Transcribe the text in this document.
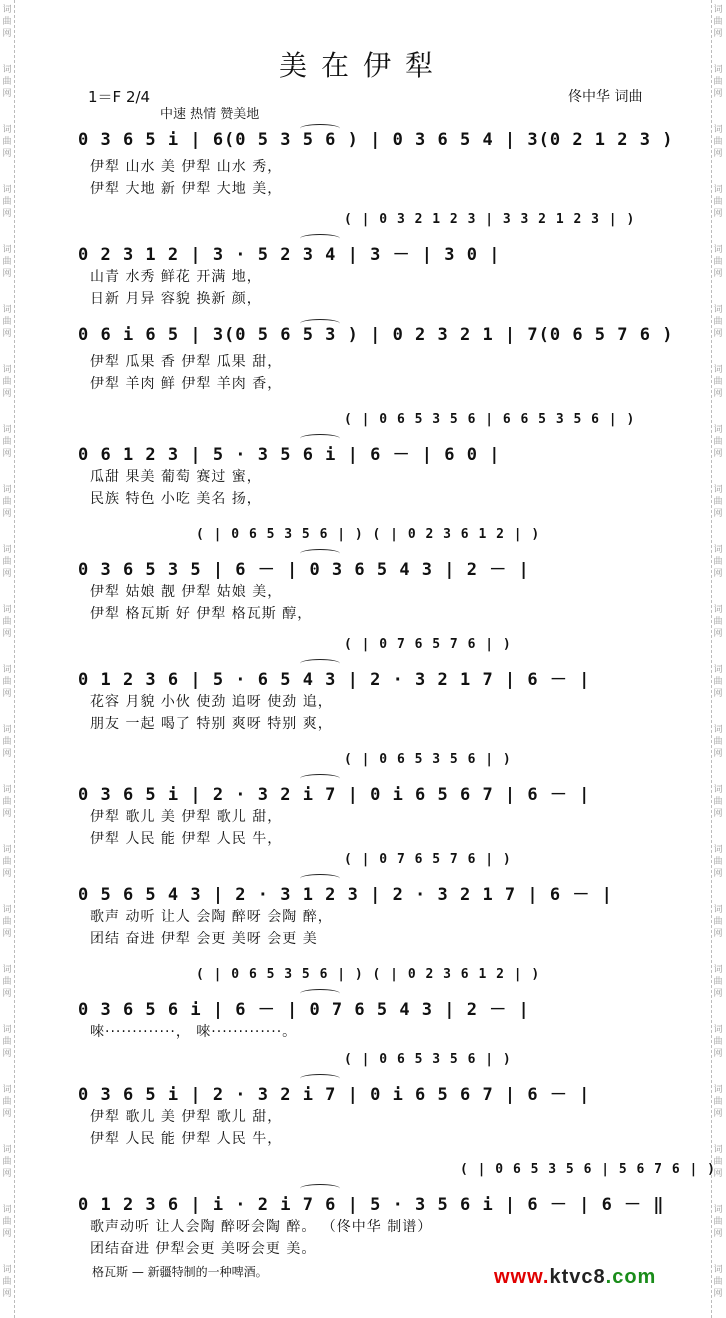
词曲网
词曲网
词曲网
词曲网
词曲网
词曲网
词曲网
词曲网
词曲网
词曲网
词曲网
词曲网
词曲网
词曲网
词曲网
词曲网
词曲网
词曲网
词曲网
词曲网
词曲网
词曲网
词曲网
词曲网
词曲网
词曲网
词曲网
词曲网
词曲网
词曲网
词曲网
词曲网
词曲网
词曲网
词曲网
词曲网
词曲网
词曲网
词曲网
词曲网
词曲网
词曲网
词曲网
词曲网
美在伊犁
1＝F 2/4	佟中华 词曲
中速 热情 赞美地
0 3 6 5 i | 6(0 5 3 5 6 ) | 0 3 6 5 4 | 3(0 2 1 2 3 )
伊犁 山水 美 伊犁 山水 秀，
伊犁 大地 新 伊犁 大地 美，
( | 0 3 2 1 2 3 | 3 3 2 1 2 3 | )
0 2 3 1 2 | 3 · 5 2 3 4 | 3 － | 3 0 |
山青 水秀 鲜花 开满 地，
日新 月异 容貌 换新 颜，
0 6 i 6 5 | 3(0 5 6 5 3 ) | 0 2 3 2 1 | 7(0 6 5 7 6 )
伊犁 瓜果 香 伊犁 瓜果 甜，
伊犁 羊肉 鲜 伊犁 羊肉 香，
( | 0 6 5 3 5 6 | 6 6 5 3 5 6 | )
0 6 1 2 3 | 5 · 3 5 6 i | 6 － | 6 0 |
瓜甜 果美 葡萄 赛过 蜜，
民族 特色 小吃 美名 扬，
( | 0 6 5 3 5 6 | ) ( | 0 2 3 6 1 2 | )
0 3 6 5 3 5 | 6 － | 0 3 6 5 4 3 | 2 － |
伊犁 姑娘 靓 伊犁 姑娘 美，
伊犁 格瓦斯 好 伊犁 格瓦斯 醇，
( | 0 7 6 5 7 6 | )
0 1 2 3 6 | 5 · 6 5 4 3 | 2 · 3 2 1 7 | 6 － |
花容 月貌 小伙 使劲 追呀 使劲 追，
朋友 一起 喝了 特别 爽呀 特别 爽，
( | 0 6 5 3 5 6 | )
0 3 6 5 i | 2 · 3 2 i 7 | 0 i 6 5 6 7 | 6 － |
伊犁 歌儿 美 伊犁 歌儿 甜，
伊犁 人民 能 伊犁 人民 牛，
( | 0 7 6 5 7 6 | )
0 5 6 5 4 3 | 2 · 3 1 2 3 | 2 · 3 2 1 7 | 6 － |
歌声 动听 让人 会陶 醉呀 会陶 醉，
团结 奋进 伊犁 会更 美呀 会更 美
( | 0 6 5 3 5 6 | ) ( | 0 2 3 6 1 2 | )
0 3 6 5 6 i | 6 － | 0 7 6 5 4 3 | 2 － |
唻·············， 唻·············。
( | 0 6 5 3 5 6 | )
0 3 6 5 i | 2 · 3 2 i 7 | 0 i 6 5 6 7 | 6 － |
伊犁 歌儿 美 伊犁 歌儿 甜，
伊犁 人民 能 伊犁 人民 牛，
( | 0 6 5 3 5 6 | 5 6 7 6 | )
0 1 2 3 6 | i · 2 i 7 6 | 5 · 3 5 6 i | 6 － | 6 － ‖
歌声动听 让人会陶 醉呀会陶 醉。 （佟中华 制谱）
团结奋进 伊犁会更 美呀会更 美。
格瓦斯 — 新疆特制的一种啤酒。	www.ktvc8.com
